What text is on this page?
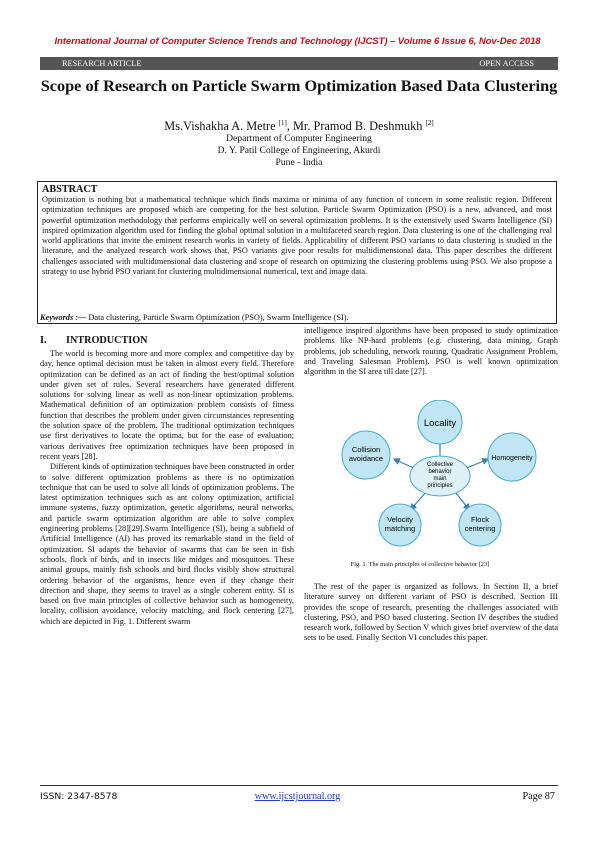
International Journal of Computer Science Trends and Technology (IJCST) – Volume 6 Issue 6, Nov-Dec 2018
RESEARCH ARTICLE	OPEN ACCESS
Scope of Research on Particle Swarm Optimization Based Data Clustering
Ms.Vishakha A. Metre [1], Mr. Pramod B. Deshmukh [2]
Department of Computer Engineering
D. Y. Patil College of Engineering, Akurdi
Pune - India
ABSTRACT

Optimization is nothing but a mathematical technique which finds maxima or minima of any function of concern in some realistic region. Different optimization techniques are proposed which are competing for the best solution. Particle Swarm Optimization (PSO) is a new, advanced, and most powerful optimization methodology that performs empirically well on several optimization problems. It is the extensively used Swarm Intelligence (SI) inspired optimization algorithm used for finding the global optimal solution in a multifaceted search region. Data clustering is one of the challenging real world applications that invite the eminent research works in variety of fields. Applicability of different PSO variants to data clustering is studied in the literature, and the analyzed research work shows that, PSO variants give poor results for multidimensional data. This paper describes the different challenges associated with multidimensional data clustering and scope of research on optimizing the clustering problems using PSO. We also propose a strategy to use hybrid PSO variant for clustering multidimensional numerical, text and image data.

Keywords :— Data clustering, Particle Swarm Optimization (PSO), Swarm Intelligence (SI).
I. INTRODUCTION

The world is becoming more and more complex and competitive day by day, hence optimal decision must be taken in almost every field. Therefore optimization can be defined as an act of finding the best/optimal solution under given set of rules. Several researchers have generated different solutions for solving linear as well as non-linear optimization problems. Mathematical definition of an optimization problem consists of fitness function that describes the problem under given circumstances representing the solution space of the problem. The traditional optimization techniques use first derivatives to locate the optima, but for the ease of evaluation; various derivatives free optimization techniques have been proposed in recent years [28].

Different kinds of optimization techniques have been constructed in order to solve different optimization problems as there is no optimization technique that can be used to solve all kinds of optimization problems. The latest optimization techniques such as ant colony optimization, artificial immune systems, fuzzy optimization, genetic algorithms, neural networks, and particle swarm optimization algorithm are able to solve complex engineering problems [28][29].Swarm Intelligence (SI), being a subfield of Artificial Intelligence (AI) has proved its remarkable stand in the field of optimization. SI adapts the behavior of swarms that can be seen in fish schools, flock of birds, and in insects like midges and mosquitoes. These animal groups, mainly fish schools and bird flocks visibly show structural ordering behavior of the organisms, hence even if they change their direction and shape, they seems to travel as a single coherent entity. SI is based on five main principles of collective behavior such as homogeneity, locality, collision avoidance, velocity matching, and flock centering [27], which are depicted in Fig. 1. Different swarm

intelligence inspired algorithms have been proposed to study optimization problems like NP-hard problems (e.g. clustering, data mining, Graph problems, job scheduling, network routing, Quadratic Assignment Problem, and Traveling Salesman Problem). PSO is well known optimization algorithm in the SI area till date [27].

Collective
behavior
main
principles
Locality
Homogeneity
Flock
centering
Velocity
matching
Collision
avoidance
Fig. 1. The main principles of collective behavior [23]

The rest of the paper is organized as follows. In Section II, a brief literature survey on different variant of PSO is described. Section III provides the scope of research, presenting the challenges associated with clustering, PSO, and PSO based clustering. Section IV describes the studied research work, followed by Section V which gives brief overview of the data sets to be used. Finally Section VI concludes this paper.

ISSN: 2347-8578	www.ijcstjournal.org	Page 87
